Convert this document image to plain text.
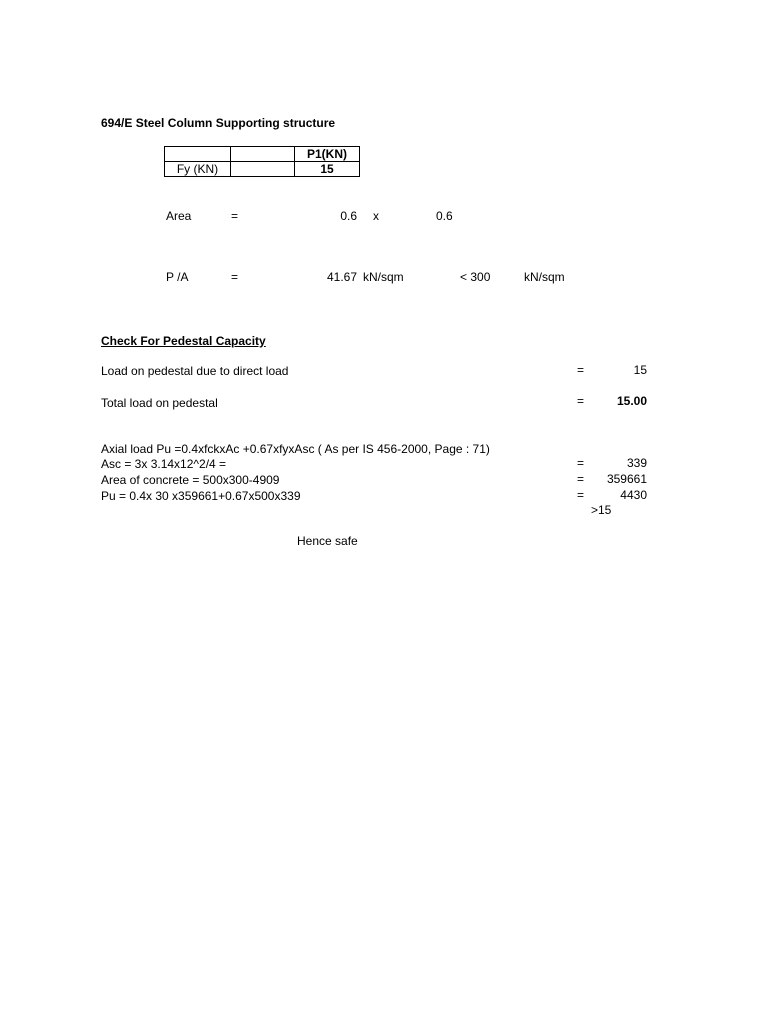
694/E Steel Column Supporting structure
		P1(KN)
Fy (KN)		15
Area	=	0.6 x	0.6
P /A	=	41.67 kN/sqm	< 300	kN/sqm
Check For Pedestal Capacity
Load on pedestal due to direct load	=	15
Total load on pedestal	=	15.00
Axial load Pu =0.4xfckxAc +0.67xfyxAsc ( As per IS 456-2000, Page : 71)
Asc = 3x 3.14x12^2/4 =	=	339
Area of concrete = 500x300-4909	=	359661
Pu = 0.4x 30 x359661+0.67x500x339	=	4430
>15
Hence safe
